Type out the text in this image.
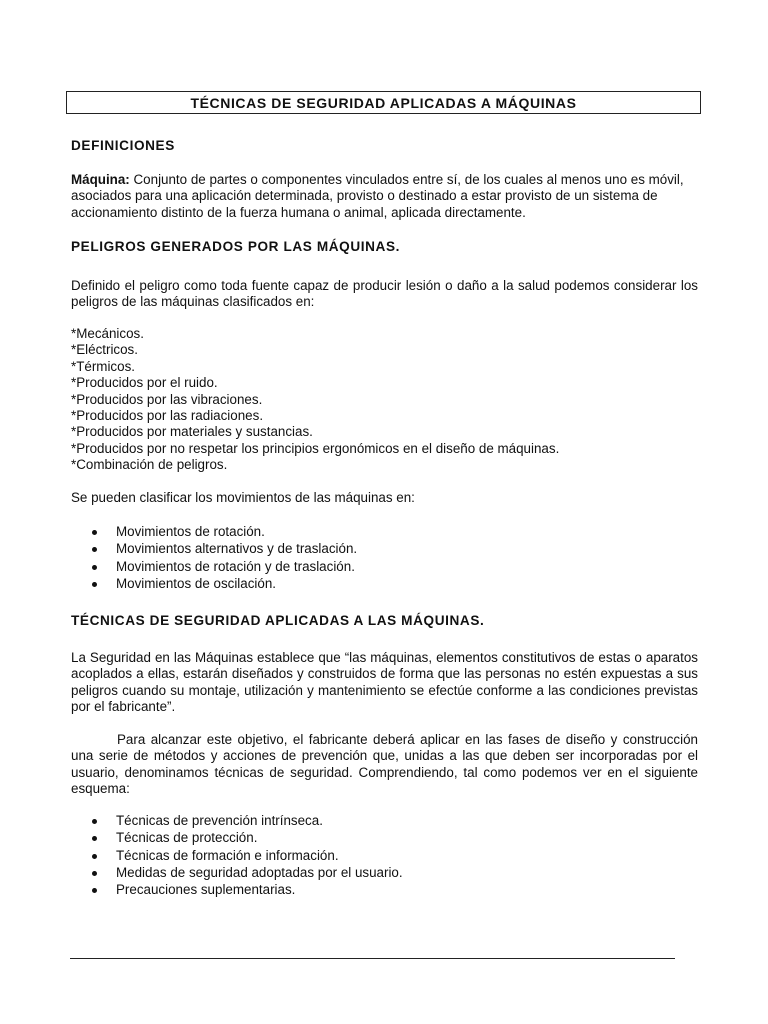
TÉCNICAS DE SEGURIDAD APLICADAS A MÁQUINAS
DEFINICIONES

Máquina: Conjunto de partes o componentes vinculados entre sí, de los cuales al menos uno es móvil, asociados para una aplicación determinada, provisto o destinado a estar provisto de un sistema de accionamiento distinto de la fuerza humana o animal, aplicada directamente.

PELIGROS GENERADOS POR LAS MÁQUINAS.

Definido el peligro como toda fuente capaz de producir lesión o daño a la salud podemos considerar los peligros de las máquinas clasificados en:

*Mecánicos.
*Eléctricos.
*Térmicos.
*Producidos por el ruido.
*Producidos por las vibraciones.
*Producidos por las radiaciones.
*Producidos por materiales y sustancias.
*Producidos por no respetar los principios ergonómicos en el diseño de máquinas.
*Combinación de peligros.

Se pueden clasificar los movimientos de las máquinas en:

Movimientos de rotación.
Movimientos alternativos y de traslación.
Movimientos de rotación y de traslación.
Movimientos de oscilación.
TÉCNICAS DE SEGURIDAD APLICADAS A LAS MÁQUINAS.

La Seguridad en las Máquinas establece que “las máquinas, elementos constitutivos de estas o aparatos acoplados a ellas, estarán diseñados y construidos de forma que las personas no estén expuestas a sus peligros cuando su montaje, utilización y mantenimiento se efectúe conforme a las condiciones previstas por el fabricante”.

Para alcanzar este objetivo, el fabricante deberá aplicar en las fases de diseño y construcción una serie de métodos y acciones de prevención que, unidas a las que deben ser incorporadas por el usuario, denominamos técnicas de seguridad. Comprendiendo, tal como podemos ver en el siguiente esquema:

Técnicas de prevención intrínseca.
Técnicas de protección.
Técnicas de formación e información.
Medidas de seguridad adoptadas por el usuario.
Precauciones suplementarias.
